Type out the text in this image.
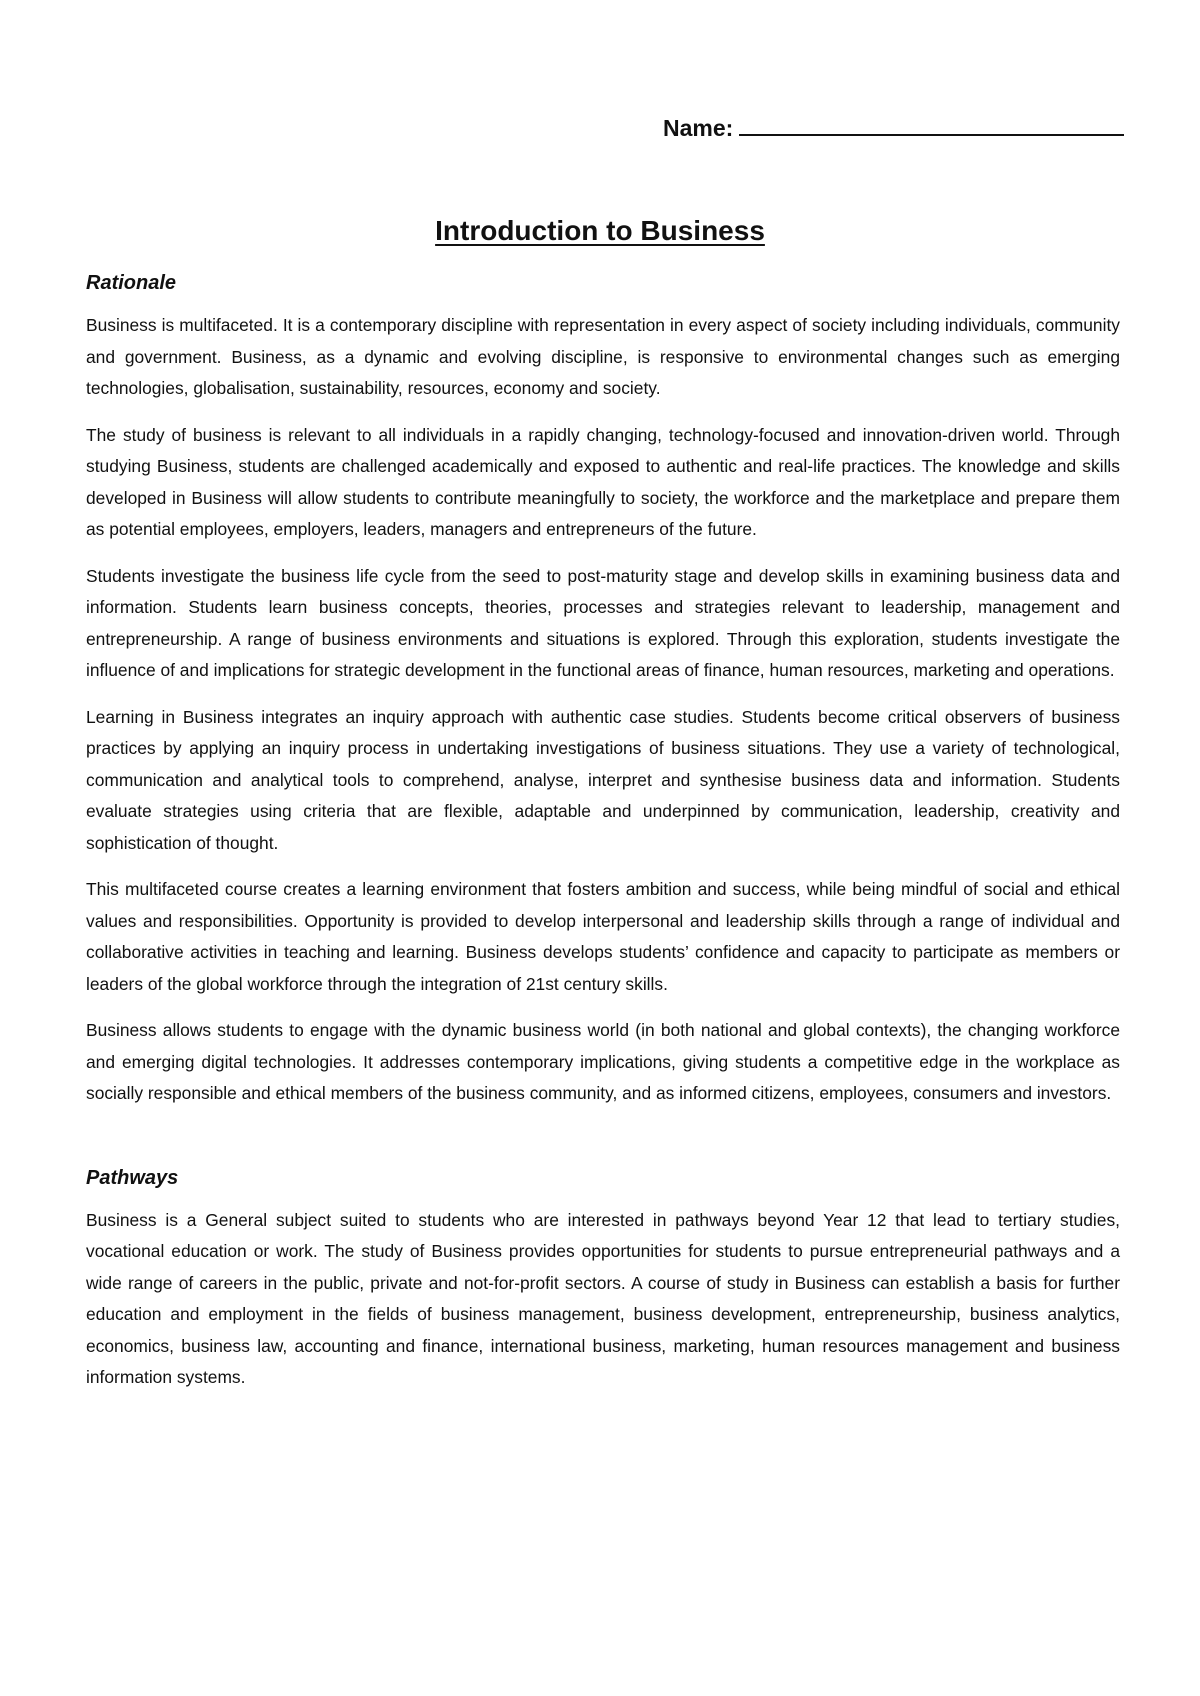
Name:
Introduction to Business
Rationale

Business is multifaceted. It is a contemporary discipline with representation in every aspect of society including individuals, community and government. Business, as a dynamic and evolving discipline, is responsive to environmental changes such as emerging technologies, globalisation, sustainability, resources, economy and society.

The study of business is relevant to all individuals in a rapidly changing, technology-focused and innovation-driven world. Through studying Business, students are challenged academically and exposed to authentic and real-life practices. The knowledge and skills developed in Business will allow students to contribute meaningfully to society, the workforce and the marketplace and prepare them as potential employees, employers, leaders, managers and entrepreneurs of the future.

Students investigate the business life cycle from the seed to post-maturity stage and develop skills in examining business data and information. Students learn business concepts, theories, processes and strategies relevant to leadership, management and entrepreneurship. A range of business environments and situations is explored. Through this exploration, students investigate the influence of and implications for strategic development in the functional areas of finance, human resources, marketing and operations.

Learning in Business integrates an inquiry approach with authentic case studies. Students become critical observers of business practices by applying an inquiry process in undertaking investigations of business situations. They use a variety of technological, communication and analytical tools to comprehend, analyse, interpret and synthesise business data and information. Students evaluate strategies using criteria that are flexible, adaptable and underpinned by communication, leadership, creativity and sophistication of thought.

This multifaceted course creates a learning environment that fosters ambition and success, while being mindful of social and ethical values and responsibilities. Opportunity is provided to develop interpersonal and leadership skills through a range of individual and collaborative activities in teaching and learning. Business develops students’ confidence and capacity to participate as members or leaders of the global workforce through the integration of 21st century skills.

Business allows students to engage with the dynamic business world (in both national and global contexts), the changing workforce and emerging digital technologies. It addresses contemporary implications, giving students a competitive edge in the workplace as socially responsible and ethical members of the business community, and as informed citizens, employees, consumers and investors.

Pathways

Business is a General subject suited to students who are interested in pathways beyond Year 12 that lead to tertiary studies, vocational education or work. The study of Business provides opportunities for students to pursue entrepreneurial pathways and a wide range of careers in the public, private and not-for-profit sectors. A course of study in Business can establish a basis for further education and employment in the fields of business management, business development, entrepreneurship, business analytics, economics, business law, accounting and finance, international business, marketing, human resources management and business information systems.
